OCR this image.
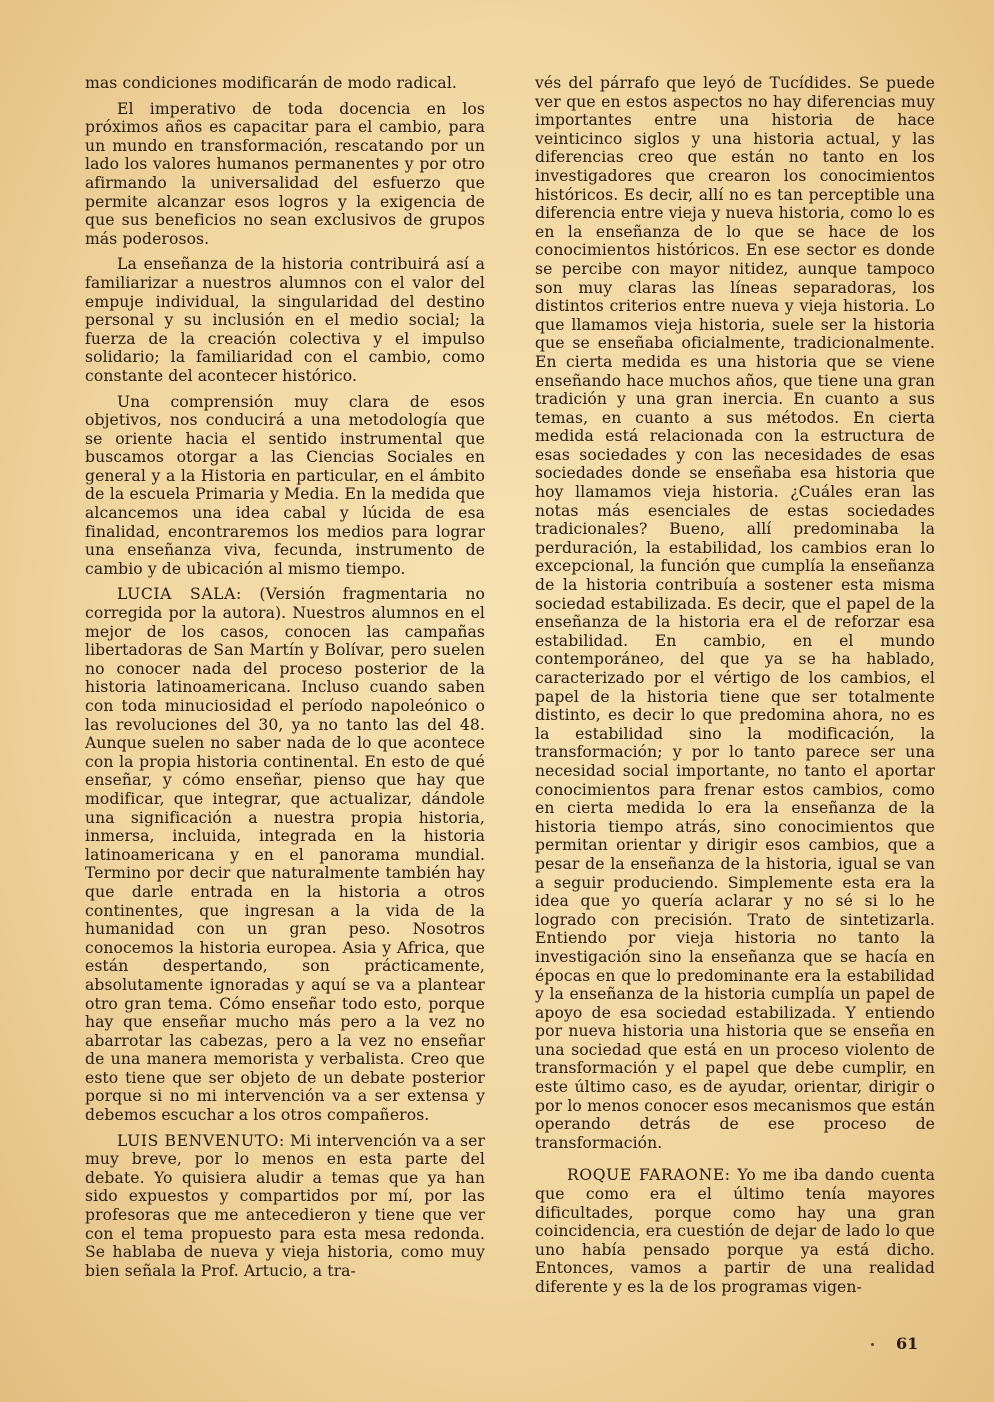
mas condiciones modificarán de modo radical.

El imperativo de toda docencia en los próximos años es capacitar para el cambio, para un mundo en transformación, rescatando por un lado los valores humanos permanentes y por otro afirmando la universalidad del esfuerzo que permite alcanzar esos logros y la exigencia de que sus beneficios no sean exclusivos de grupos más poderosos.

La enseñanza de la historia contribuirá así a familiarizar a nuestros alumnos con el valor del empuje individual, la singularidad del destino personal y su inclusión en el medio social; la fuerza de la creación colectiva y el impulso solidario; la familiaridad con el cambio, como constante del acontecer histórico.

Una comprensión muy clara de esos objetivos, nos conducirá a una metodología que se oriente hacia el sentido instrumental que buscamos otorgar a las Ciencias Sociales en general y a la Historia en particular, en el ámbito de la escuela Primaria y Media. En la medida que alcancemos una idea cabal y lúcida de esa finalidad, encontraremos los medios para lograr una enseñanza viva, fecunda, instrumento de cambio y de ubicación al mismo tiempo.

LUCIA SALA: (Versión fragmentaria no corregida por la autora). Nuestros alumnos en el mejor de los casos, conocen las campañas libertadoras de San Martín y Bolívar, pero suelen no conocer nada del proceso posterior de la historia latinoamericana. Incluso cuando saben con toda minuciosidad el período napoleónico o las revoluciones del 30, ya no tanto las del 48. Aunque suelen no saber nada de lo que acontece con la propia historia continental. En esto de qué enseñar, y cómo enseñar, pienso que hay que modificar, que integrar, que actualizar, dándole una significación a nuestra propia historia, inmersa, incluida, integrada en la historia latinoamericana y en el panorama mundial. Termino por decir que naturalmente también hay que darle entrada en la historia a otros continentes, que ingresan a la vida de la humanidad con un gran peso. Nosotros conocemos la historia europea. Asia y Africa, que están despertando, son prácticamente, absolutamente ignoradas y aquí se va a plantear otro gran tema. Cómo enseñar todo esto, porque hay que enseñar mucho más pero a la vez no abarrotar las cabezas, pero a la vez no enseñar de una manera memorista y verbalista. Creo que esto tiene que ser objeto de un debate posterior porque si no mi intervención va a ser extensa y debemos escuchar a los otros compañeros.

LUIS BENVENUTO: Mi intervención va a ser muy breve, por lo menos en esta parte del debate. Yo quisiera aludir a temas que ya han sido expuestos y compartidos por mí, por las profesoras que me antecedieron y tiene que ver con el tema propuesto para esta mesa redonda. Se hablaba de nueva y vieja historia, como muy bien señala la Prof. Artucio, a tra-

vés del párrafo que leyó de Tucídides. Se puede ver que en estos aspectos no hay diferencias muy importantes entre una historia de hace veinticinco siglos y una historia actual, y las diferencias creo que están no tanto en los investigadores que crearon los conocimientos históricos. Es decir, allí no es tan perceptible una diferencia entre vieja y nueva historia, como lo es en la enseñanza de lo que se hace de los conocimientos históricos. En ese sector es donde se percibe con mayor nitidez, aunque tampoco son muy claras las líneas separadoras, los distintos criterios entre nueva y vieja historia. Lo que llamamos vieja historia, suele ser la historia que se enseñaba oficialmente, tradicionalmente. En cierta medida es una historia que se viene enseñando hace muchos años, que tiene una gran tradición y una gran inercia. En cuanto a sus temas, en cuanto a sus métodos. En cierta medida está relacionada con la estructura de esas sociedades y con las necesidades de esas sociedades donde se enseñaba esa historia que hoy llamamos vieja historia. ¿Cuáles eran las notas más esenciales de estas sociedades tradicionales? Bueno, allí predominaba la perduración, la estabilidad, los cambios eran lo excepcional, la función que cumplía la enseñanza de la historia contribuía a sostener esta misma sociedad estabilizada. Es decir, que el papel de la enseñanza de la historia era el de reforzar esa estabilidad. En cambio, en el mundo contemporáneo, del que ya se ha hablado, caracterizado por el vértigo de los cambios, el papel de la historia tiene que ser totalmente distinto, es decir lo que predomina ahora, no es la estabilidad sino la modificación, la transformación; y por lo tanto parece ser una necesidad social importante, no tanto el aportar conocimientos para frenar estos cambios, como en cierta medida lo era la enseñanza de la historia tiempo atrás, sino conocimientos que permitan orientar y dirigir esos cambios, que a pesar de la enseñanza de la historia, igual se van a seguir produciendo. Simplemente esta era la idea que yo quería aclarar y no sé si lo he logrado con precisión. Trato de sintetizarla. Entiendo por vieja historia no tanto la investigación sino la enseñanza que se hacía en épocas en que lo predominante era la estabilidad y la enseñanza de la historia cumplía un papel de apoyo de esa sociedad estabilizada. Y entiendo por nueva historia una historia que se enseña en una sociedad que está en un proceso violento de transformación y el papel que debe cumplir, en este último caso, es de ayudar, orientar, dirigir o por lo menos conocer esos mecanismos que están operando detrás de ese proceso de transformación.

ROQUE FARAONE: Yo me iba dando cuenta que como era el último tenía mayores dificultades, porque como hay una gran coincidencia, era cuestión de dejar de lado lo que uno había pensado porque ya está dicho. Entonces, vamos a partir de una realidad diferente y es la de los programas vigen-

61
